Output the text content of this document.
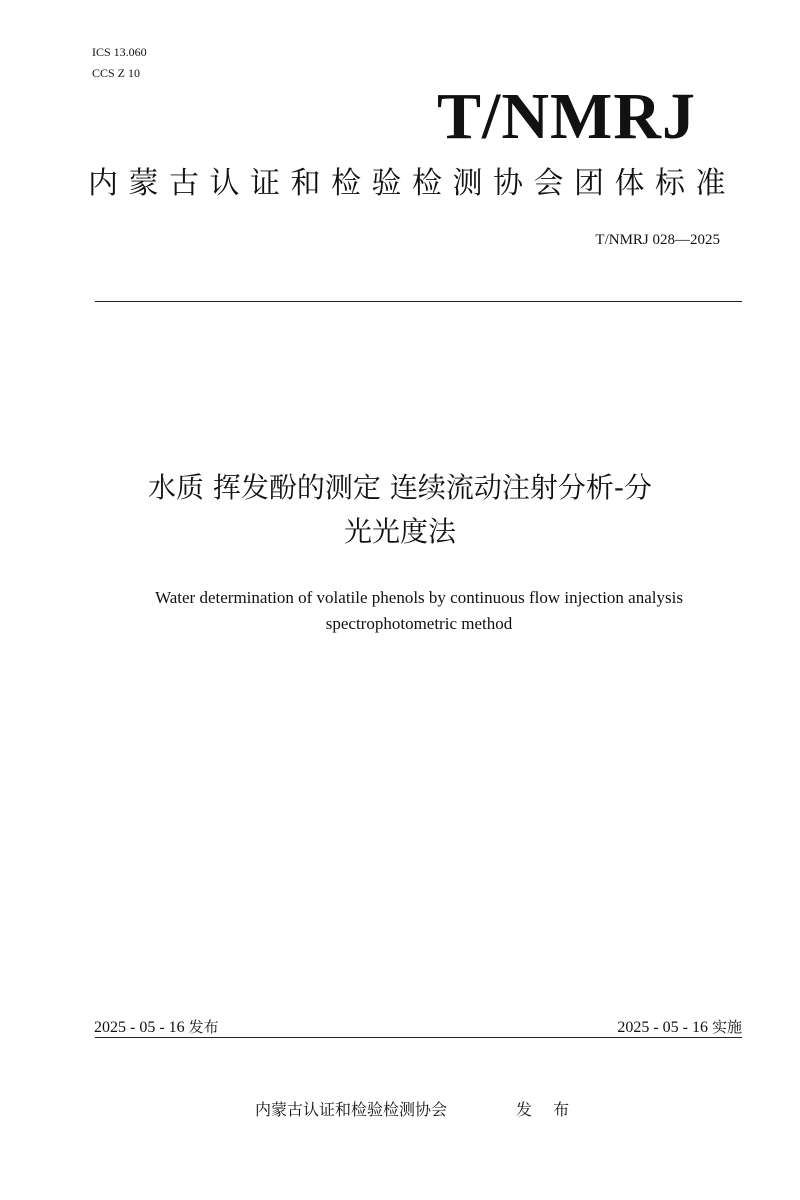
ICS 13.060
CCS Z 10
T/NMRJ
内蒙古认证和检验检测协会团体标准
T/NMRJ 028—2025
水质 挥发酚的测定 连续流动注射分析-分
光光度法
Water determination of volatile phenols by continuous flow injection analysis
spectrophotometric method
2025 - 05 - 16 发布	2025 - 05 - 16 实施
内蒙古认证和检验检测协会	发 布
